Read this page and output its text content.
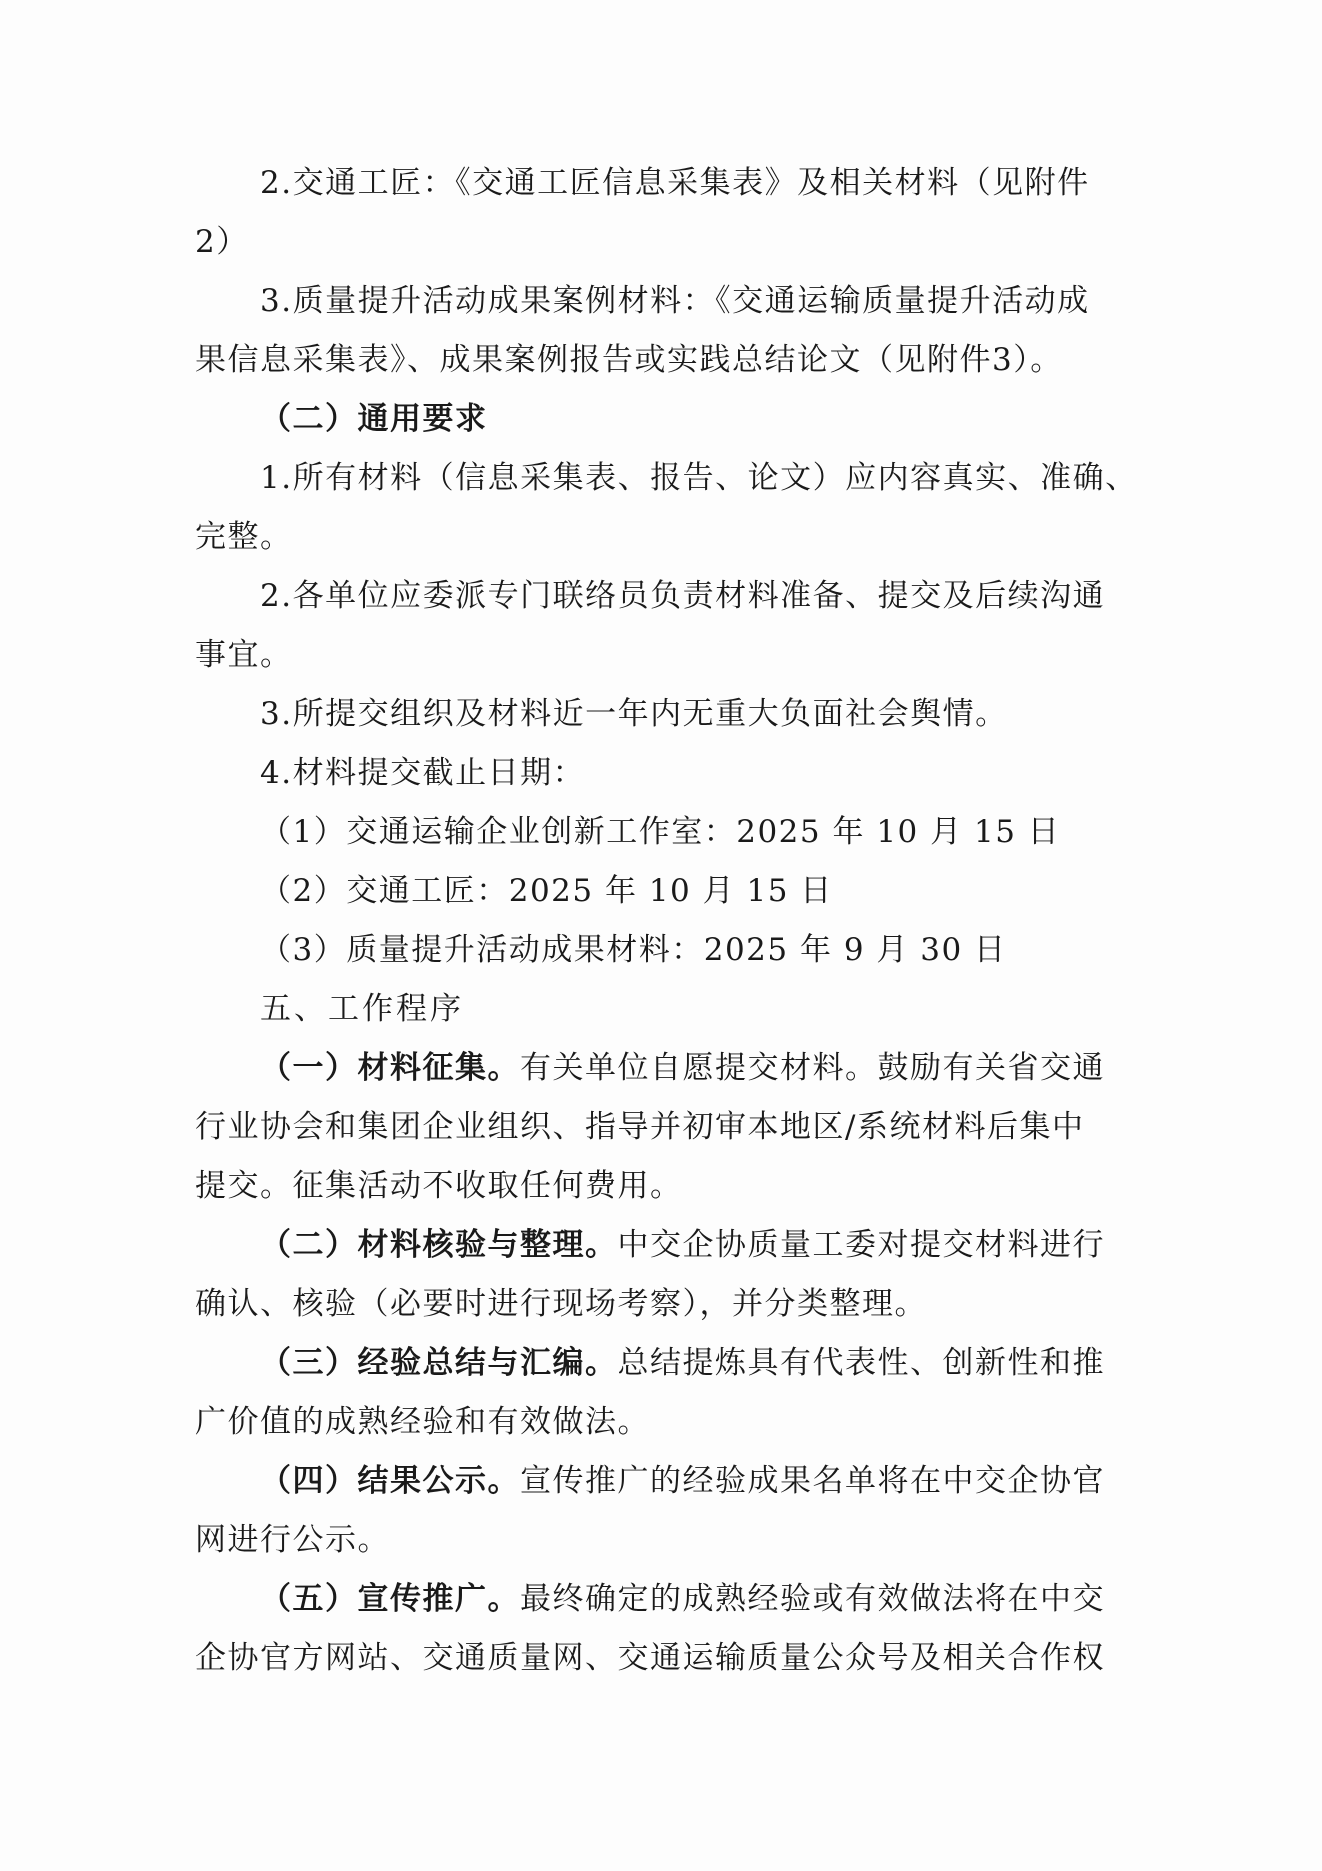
2.交通工匠：《交通工匠信息采集表》及相关材料（见附件
2）
3.质量提升活动成果案例材料：《交通运输质量提升活动成
果信息采集表》、成果案例报告或实践总结论文（见附件3）。
（二）通用要求
1.所有材料（信息采集表、报告、论文）应内容真实、准确、
完整。
2.各单位应委派专门联络员负责材料准备、提交及后续沟通
事宜。
3.所提交组织及材料近一年内无重大负面社会舆情。
4.材料提交截止日期：
（1）交通运输企业创新工作室：2025 年 10 月 15 日
（2）交通工匠：2025 年 10 月 15 日
（3）质量提升活动成果材料：2025 年 9 月 30 日
五、工作程序
（一）材料征集。有关单位自愿提交材料。鼓励有关省交通
行业协会和集团企业组织、指导并初审本地区/系统材料后集中
提交。征集活动不收取任何费用。
（二）材料核验与整理。中交企协质量工委对提交材料进行
确认、核验（必要时进行现场考察），并分类整理。
（三）经验总结与汇编。总结提炼具有代表性、创新性和推
广价值的成熟经验和有效做法。
（四）结果公示。宣传推广的经验成果名单将在中交企协官
网进行公示。
（五）宣传推广。最终确定的成熟经验或有效做法将在中交
企协官方网站、交通质量网、交通运输质量公众号及相关合作权
